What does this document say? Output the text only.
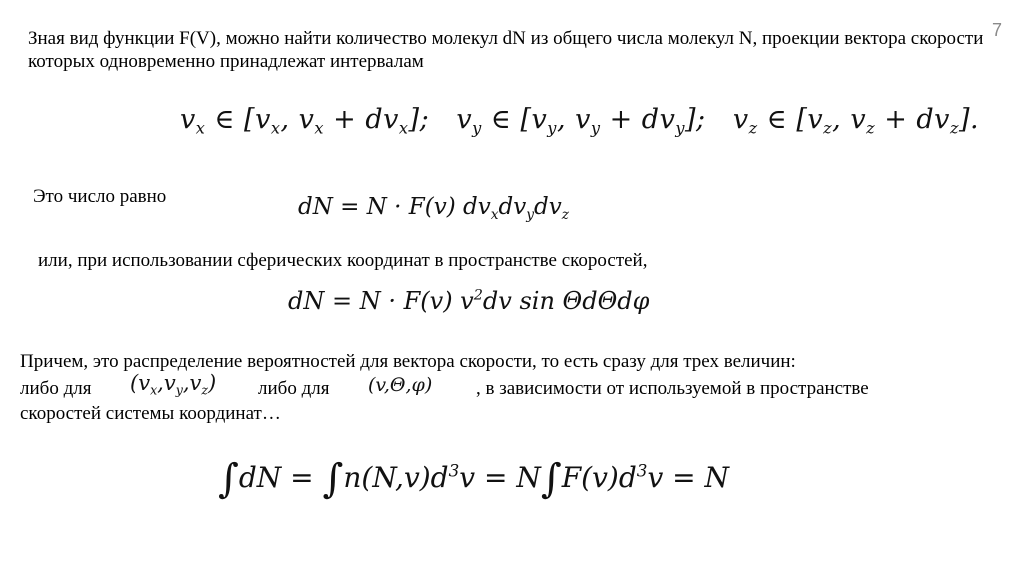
7
Зная вид функции F(V), можно найти количество молекул dN из общего числа молекул N, проекции вектора скорости которых одновременно принадлежат интервалам
$v_x$ ∈ [$v_x$, $v_x + dv_x$];   $v_y$ ∈ [$v_y$, $v_y + dv_y$];   $v_z$ ∈ [$v_z$, $v_z + dv_z$].
Это число равно	dN = N · F(v) $dv_xdv_ydv_z$
или, при использовании сферических координат в пространстве скоростей,
dN = N · F(v) $v^2dv$ sin ΘdΘdφ
Причем, это распределение вероятностей для вектора скорости, то есть сразу для трех величин:
либо для $(v_x,v_y,v_z)$ либо для (v,Θ,φ) , в зависимости от используемой в пространстве
скоростей системы координат…
$\int dN = \int n(N,v)d^3v = N\int F(v)d^3v = N$
